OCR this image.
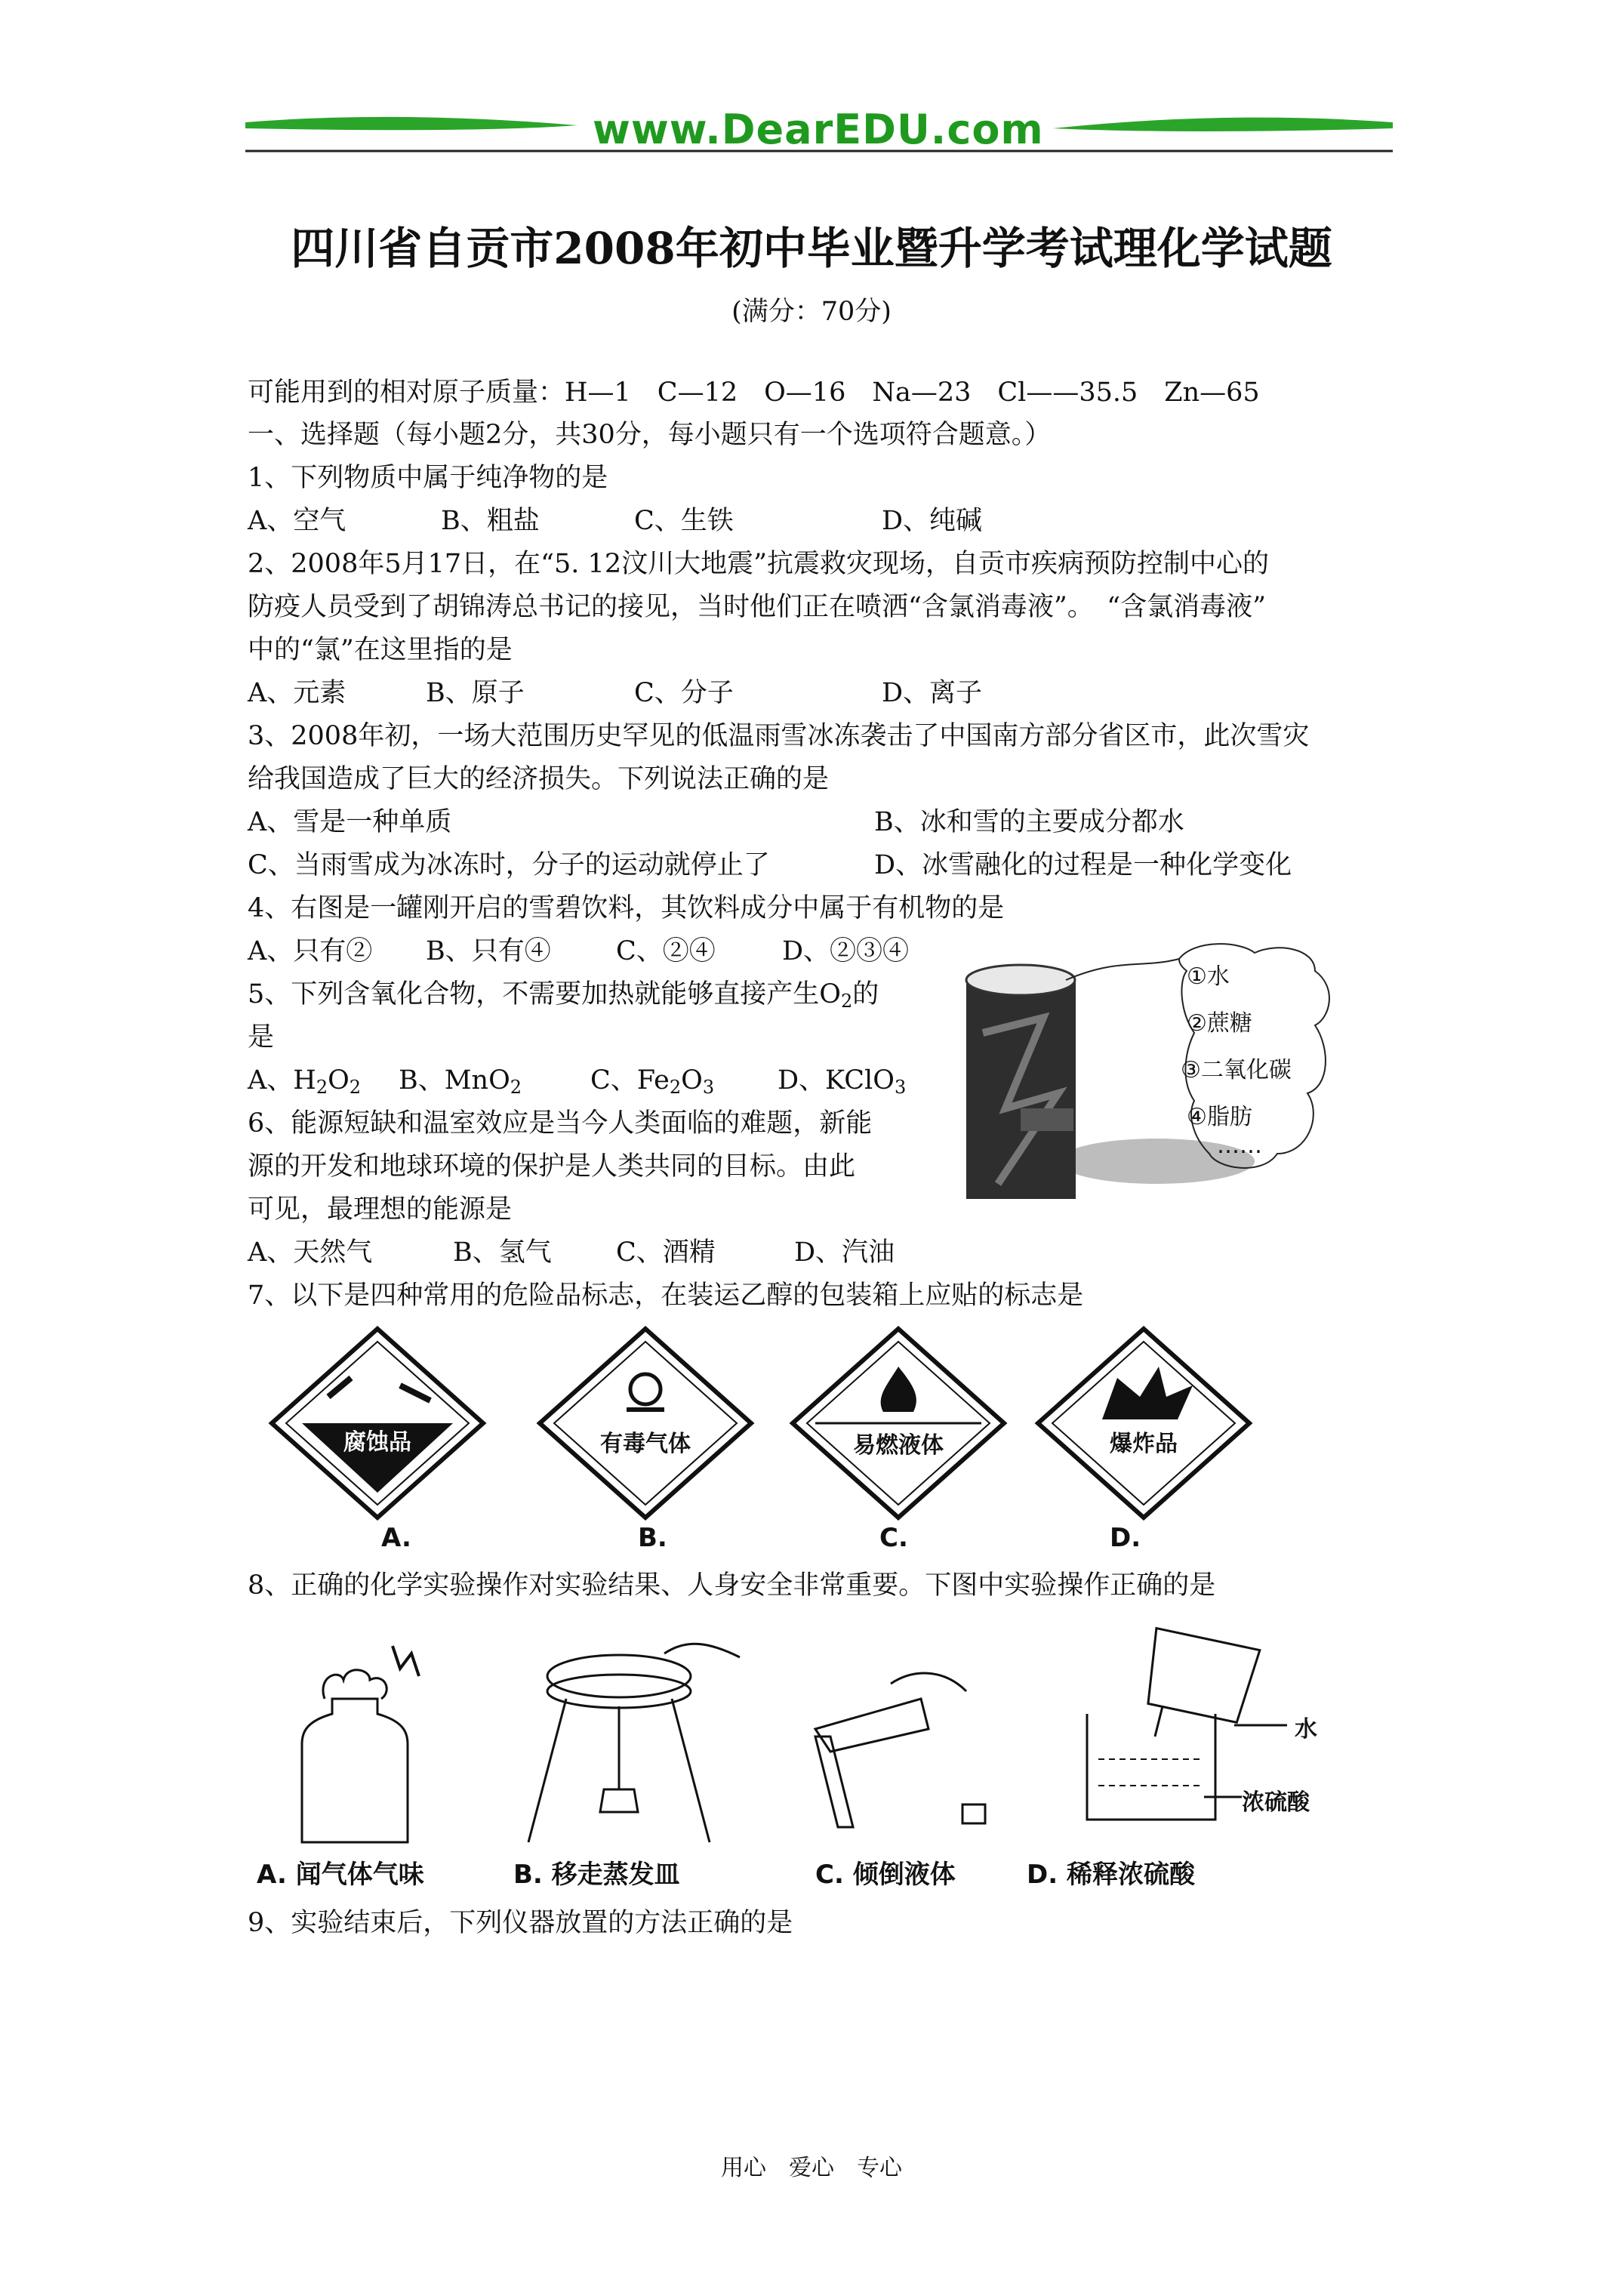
www.DearEDU.com
四川省自贡市2008年初中毕业暨升学考试理化学试题
(满分：70分)
可能用到的相对原子质量：H—1　C—12　O—16　Na—23　Cl——35.5　Zn—65
一、选择题（每小题2分，共30分，每小题只有一个选项符合题意。）
1、下列物质中属于纯净物的是
A、空气	B、粗盐	C、生铁	D、纯碱
2、2008年5月17日，在“5. 12汶川大地震”抗震救灾现场，自贡市疾病预防控制中心的
防疫人员受到了胡锦涛总书记的接见，当时他们正在喷洒“含氯消毒液”。　“含氯消毒液”
中的“氯”在这里指的是
A、元素	B、原子	C、分子	D、离子
3、2008年初，一场大范围历史罕见的低温雨雪冰冻袭击了中国南方部分省区市，此次雪灾
给我国造成了巨大的经济损失。下列说法正确的是
A、雪是一种单质	B、冰和雪的主要成分都水
C、当雨雪成为冰冻时，分子的运动就停止了	D、冰雪融化的过程是一种化学变化
4、右图是一罐刚开启的雪碧饮料，其饮料成分中属于有机物的是
A、只有② B、只有④ C、②④	D、②③④
①水
②蔗糖
③二氧化碳
④脂肪
……
5、下列含氧化合物，不需要加热就能够直接产生$O_2$的
是
A、$H_2O_2$ B、MnO$_2$	C、$Fe_2O_3$ D、KClO$_3$
6、能源短缺和温室效应是当今人类面临的难题，新能
源的开发和地球环境的保护是人类共同的目标。由此
可见，最理想的能源是
A、天然气	B、氢气 C、酒精	D、汽油
7、以下是四种常用的危险品标志，在装运乙醇的包装箱上应贴的标志是
腐蚀品
A.
有毒气体
B.
易燃液体
C.
爆炸品
D.
8、正确的化学实验操作对实验结果、人身安全非常重要。下图中实验操作正确的是
A. 闻气体气味	B. 移走蒸发皿	C. 倾倒液体
水
浓硫酸
D. 稀释浓硫酸
9、实验结束后，下列仪器放置的方法正确的是
用心　爱心　专心
